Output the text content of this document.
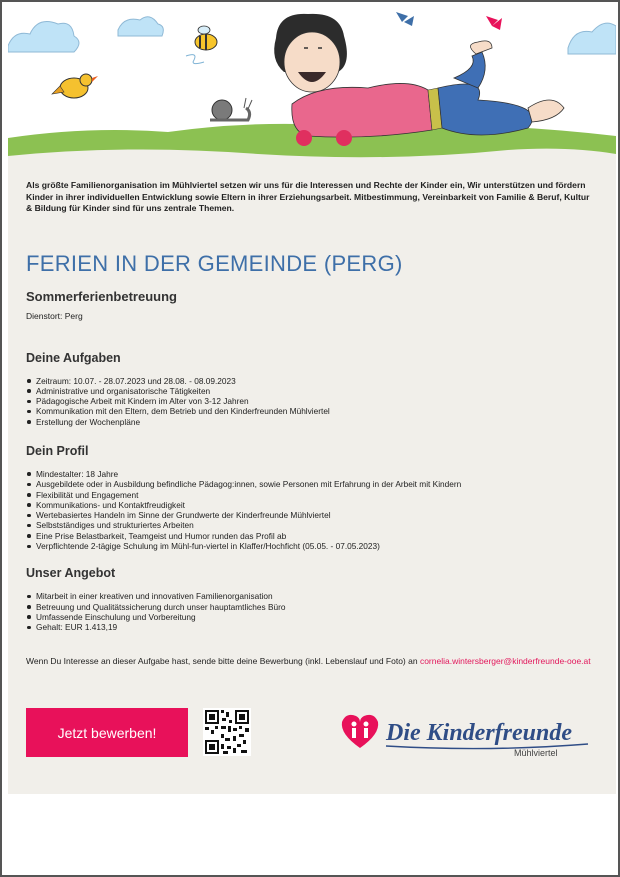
Als größte Familienorganisation im Mühlviertel setzen wir uns für die Interessen und Rechte der Kinder ein, Wir unterstützen und fördern Kinder in ihrer individuellen Entwicklung sowie Eltern in ihrer Erziehungsarbeit. Mitbestimmung, Vereinbarkeit von Familie & Beruf, Kultur & Bildung für Kinder sind für uns zentrale Themen.

FERIEN IN DER GEMEINDE (PERG)
Sommerferienbetreuung

Dienstort: Perg

Deine Aufgaben
Zeitraum: 10.07. - 28.07.2023 und 28.08. - 08.09.2023
Administrative und organisatorische Tätigkeiten
Pädagogische Arbeit mit Kindern im Alter von 3-12 Jahren
Kommunikation mit den Eltern, dem Betrieb und den Kinderfreunden Mühlviertel
Erstellung der Wochenpläne
Dein Profil
Mindestalter: 18 Jahre
Ausgebildete oder in Ausbildung befindliche Pädagog:innen, sowie Personen mit Erfahrung in der Arbeit mit Kindern
Flexibilität und Engagement
Kommunikations- und Kontaktfreudigkeit
Wertebasiertes Handeln im Sinne der Grundwerte der Kinderfreunde Mühlviertel
Selbstständiges und strukturiertes Arbeiten
Eine Prise Belastbarkeit, Teamgeist und Humor runden das Profil ab
Verpflichtende 2-tägige Schulung im Mühl-fun-viertel in Klaffer/Hochficht (05.05. - 07.05.2023)
Unser Angebot
Mitarbeit in einer kreativen und innovativen Familienorganisation
Betreuung und Qualitätssicherung durch unser hauptamtliches Büro
Umfassende Einschulung und Vorbereitung
Gehalt: EUR 1.413,19

Wenn Du Interesse an dieser Aufgabe hast, sende bitte deine Bewerbung (inkl. Lebenslauf und Foto) an cornelia.wintersberger@kinderfreunde-ooe.at

Jetzt bewerben!	Die Kinderfreunde
Mühlviertel
